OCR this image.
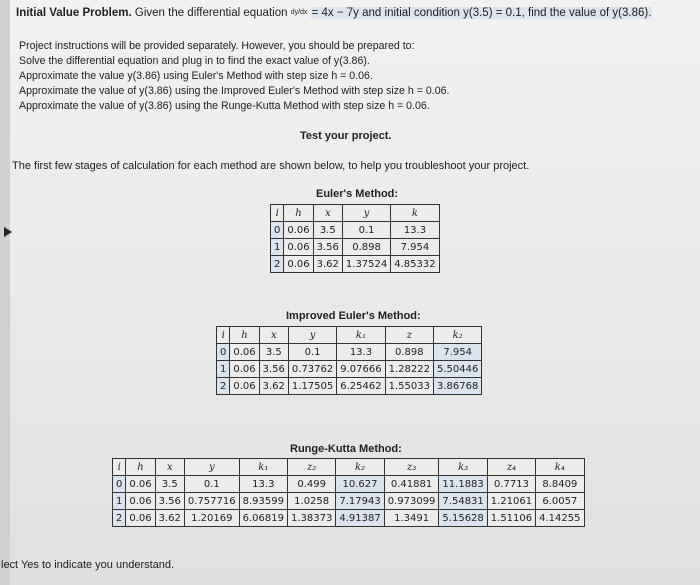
Initial Value Problem. Given the differential equation dy/dx = 4x − 7y and initial condition y(3.5) = 0.1, find the value of y(3.86).
Project instructions will be provided separately. However, you should be prepared to:
Solve the differential equation and plug in to find the exact value of y(3.86).
Approximate the value y(3.86) using Euler's Method with step size h = 0.06.
Approximate the value of y(3.86) using the Improved Euler's Method with step size h = 0.06.
Approximate the value of y(3.86) using the Runge-Kutta Method with step size h = 0.06.
Test your project.
The first few stages of calculation for each method are shown below, to help you troubleshoot your project.
Euler's Method:
i	h	x	y	k
0	0.06	3.5	0.1	13.3
1	0.06	3.56	0.898	7.954
2	0.06	3.62	1.37524	4.85332
Improved Euler's Method:
i	h	x	y	k₁	z	k₂
0	0.06	3.5	0.1	13.3	0.898	7.954
1	0.06	3.56	0.73762	9.07666	1.28222	5.50446
2	0.06	3.62	1.17505	6.25462	1.55033	3.86768
Runge-Kutta Method:
i	h	x	y	k₁	z₂	k₂	z₃	k₃	z₄	k₄
0	0.06	3.5	0.1	13.3	0.499	10.627	0.41881	11.1883	0.7713	8.8409
1	0.06	3.56	0.757716	8.93599	1.0258	7.17943	0.973099	7.54831	1.21061	6.0057
2	0.06	3.62	1.20169	6.06819	1.38373	4.91387	1.3491	5.15628	1.51106	4.14255
lect Yes to indicate you understand.
